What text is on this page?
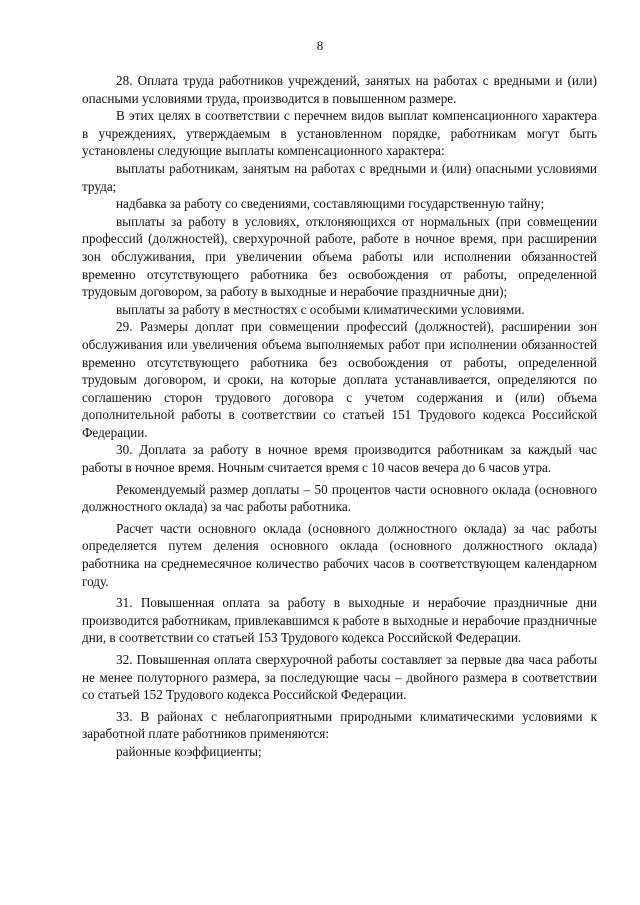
8

28. Оплата труда работников учреждений, занятых на работах с вредными и (или) опасными условиями труда, производится в повышенном размере.

В этих целях в соответствии с перечнем видов выплат компенсационного характера в учреждениях, утверждаемым в установленном порядке, работникам могут быть установлены следующие выплаты компенсационного характера:

выплаты работникам, занятым на работах с вредными и (или) опасными условиями труда;

надбавка за работу со сведениями, составляющими государственную тайну;

выплаты за работу в условиях, отклоняющихся от нормальных (при совмещении профессий (должностей), сверхурочной работе, работе в ночное время, при расширении зон обслуживания, при увеличении объема работы или исполнении обязанностей временно отсутствующего работника без освобождения от работы, определенной трудовым договором, за работу в выходные и нерабочие праздничные дни);

выплаты за работу в местностях с особыми климатическими условиями.

29. Размеры доплат при совмещении профессий (должностей), расширении зон обслуживания или увеличения объема выполняемых работ при исполнении обязанностей временно отсутствующего работника без освобождения от работы, определенной трудовым договором, и сроки, на которые доплата устанавливается, определяются по соглашению сторон трудового договора с учетом содержания и (или) объема дополнительной работы в соответствии со статьей 151 Трудового кодекса Российской Федерации.

30. Доплата за работу в ночное время производится работникам за каждый час работы в ночное время. Ночным считается время с 10 часов вечера до 6 часов утра.

Рекомендуемый размер доплаты – 50 процентов части основного оклада (основного должностного оклада) за час работы работника.

Расчет части основного оклада (основного должностного оклада) за час работы определяется путем деления основного оклада (основного должностного оклада) работника на среднемесячное количество рабочих часов в соответствующем календарном году.

31. Повышенная оплата за работу в выходные и нерабочие праздничные дни производится работникам, привлекавшимся к работе в выходные и нерабочие праздничные дни, в соответствии со статьей 153 Трудового кодекса Российской Федерации.

32. Повышенная оплата сверхурочной работы составляет за первые два часа работы не менее полуторного размера, за последующие часы – двойного размера в соответствии со статьей 152 Трудового кодекса Российской Федерации.

33. В районах с неблагоприятными природными климатическими условиями к заработной плате работников применяются:

районные коэффициенты;
